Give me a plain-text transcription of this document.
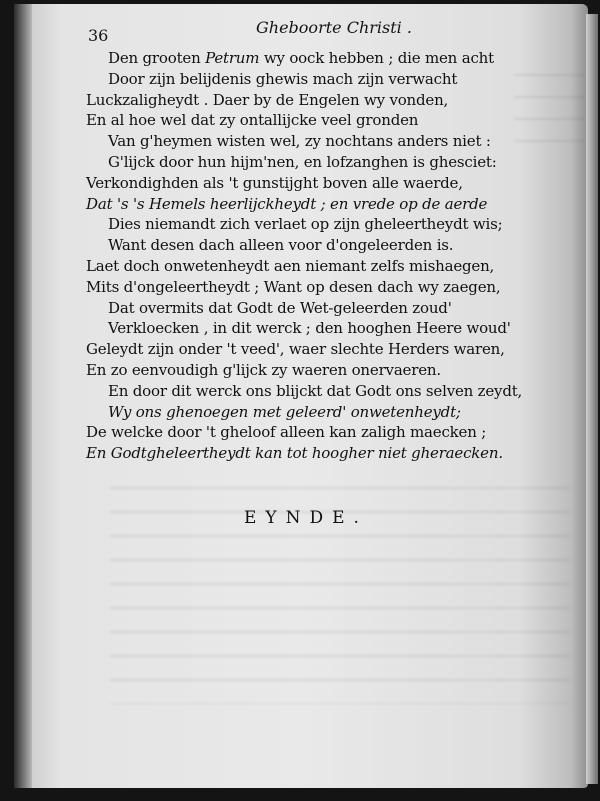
36	Gheboorte Christi .
Den grooten Petrum wy oock hebben ; die men acht
Door zijn belijdenis ghewis mach zijn verwacht
Luckzaligheydt . Daer by de Engelen wy vonden,
En al hoe wel dat zy ontallijcke veel gronden
Van g'heymen wisten wel, zy nochtans anders niet :
G'lijck door hun hijm'nen, en lofzanghen is ghesciet:
Verkondighden als 't gunstijght boven alle waerde,
Dat 's 's Hemels heerlijckheydt ; en vrede op de aerde
Dies niemandt zich verlaet op zijn gheleertheydt wis;
Want desen dach alleen voor d'ongeleerden is.
Laet doch onwetenheydt aen niemant zelfs mishaegen,
Mits d'ongeleertheydt ; Want op desen dach wy zaegen,
Dat overmits dat Godt de Wet-geleerden zoud'
Verkloecken , in dit werck ; den hooghen Heere woud'
Geleydt zijn onder 't veed', waer slechte Herders waren,
En zo eenvoudigh g'lijck zy waeren onervaeren.
En door dit werck ons blijckt dat Godt ons selven zeydt,
Wy ons ghenoegen met geleerd' onwetenheydt;
De welcke door 't gheloof alleen kan zaligh maecken ;
En Godtgheleertheydt kan tot hoogher niet gheraecken.
EYNDE.
